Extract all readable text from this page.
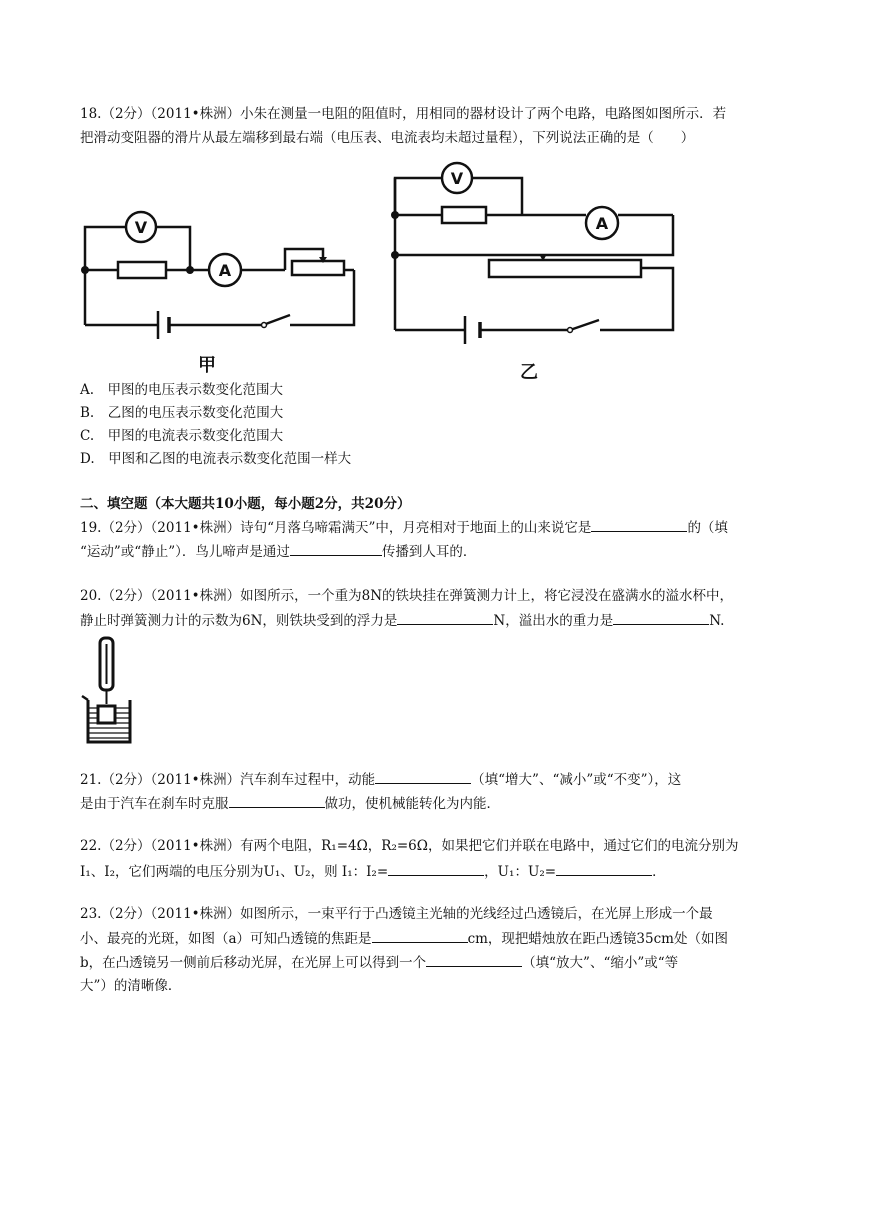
18.（2分）（2011•株洲）小朱在测量一电阻的阻值时，用相同的器材设计了两个电路，电路图如图所示．若
把滑动变阻器的滑片从最左端移到最右端（电压表、电流表均未超过量程），下列说法正确的是（　　）
V
A
甲
V
A
乙
A.　甲图的电压表示数变化范围大
B.　乙图的电压表示数变化范围大
C.　甲图的电流表示数变化范围大
D.　甲图和乙图的电流表示数变化范围一样大
二、填空题（本大题共10小题，每小题2分，共20分）
19.（2分）（2011•株洲）诗句“月落乌啼霜满天”中，月亮相对于地面上的山来说它是	的（填
“运动”或“静止”）．鸟儿啼声是通过	传播到人耳的．
20.（2分）（2011•株洲）如图所示，一个重为8N的铁块挂在弹簧测力计上，将它浸没在盛满水的溢水杯中，
静止时弹簧测力计的示数为6N，则铁块受到的浮力是	N，溢出水的重力是	N.
21.（2分）（2011•株洲）汽车刹车过程中，动能	（填“增大”、“减小”或“不变”），这
是由于汽车在刹车时克服	做功，使机械能转化为内能．
22.（2分）（2011•株洲）有两个电阻，R₁=4Ω，R₂=6Ω，如果把它们并联在电路中，通过它们的电流分别为
I₁、I₂，它们两端的电压分别为U₁、U₂，则 I₁：I₂=	，U₁：U₂=	．
23.（2分）（2011•株洲）如图所示，一束平行于凸透镜主光轴的光线经过凸透镜后，在光屏上形成一个最
小、最亮的光斑，如图（a）可知凸透镜的焦距是	cm，现把蜡烛放在距凸透镜35cm处（如图
b，在凸透镜另一侧前后移动光屏，在光屏上可以得到一个	（填“放大”、“缩小”或“等
大”）的清晰像．
